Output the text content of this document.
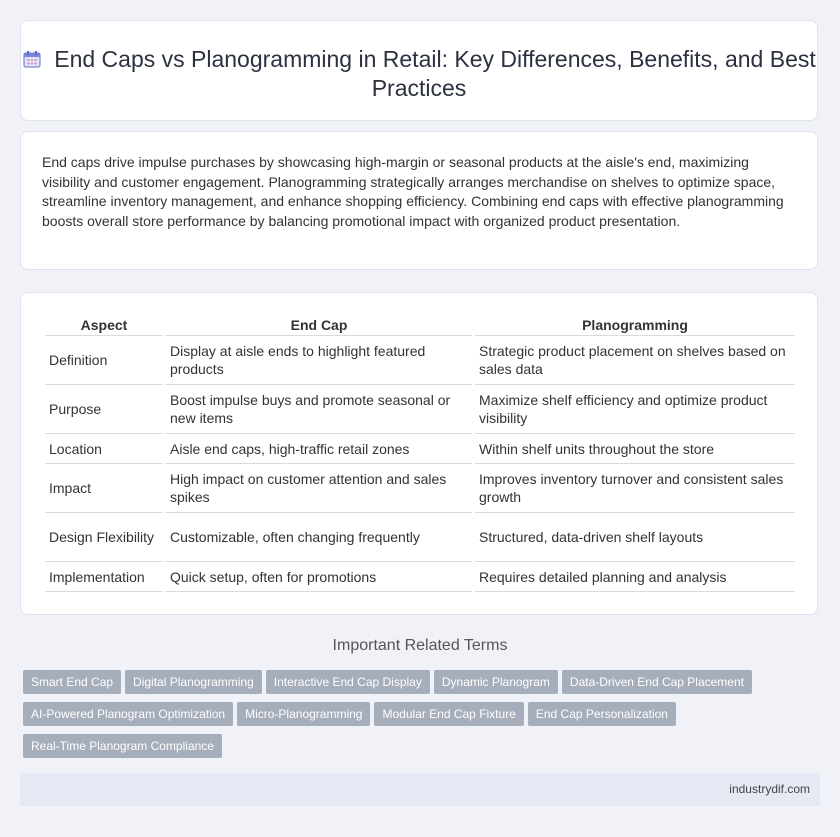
End Caps vs Planogramming in Retail: Key Differences, Benefits, and Best Practices

End caps drive impulse purchases by showcasing high-margin or seasonal products at the aisle's end, maximizing visibility and customer engagement. Planogramming strategically arranges merchandise on shelves to optimize space, streamline inventory management, and enhance shopping efficiency. Combining end caps with effective planogramming boosts overall store performance by balancing promotional impact with organized product presentation.

Aspect	End Cap	Planogramming
Definition	Display at aisle ends to highlight featured products	Strategic product placement on shelves based on sales data
Purpose	Boost impulse buys and promote seasonal or new items	Maximize shelf efficiency and optimize product visibility
Location	Aisle end caps, high-traffic retail zones	Within shelf units throughout the store
Impact	High impact on customer attention and sales spikes	Improves inventory turnover and consistent sales growth
Design Flexibility	Customizable, often changing frequently	Structured, data-driven shelf layouts
Implementation	Quick setup, often for promotions	Requires detailed planning and analysis
Important Related Terms
Smart End Cap Digital Planogramming Interactive End Cap Display Dynamic Planogram Data-Driven End Cap Placement
AI-Powered Planogram Optimization Micro-Planogramming Modular End Cap Fixture End Cap Personalization
Real-Time Planogram Compliance
industrydif.com
